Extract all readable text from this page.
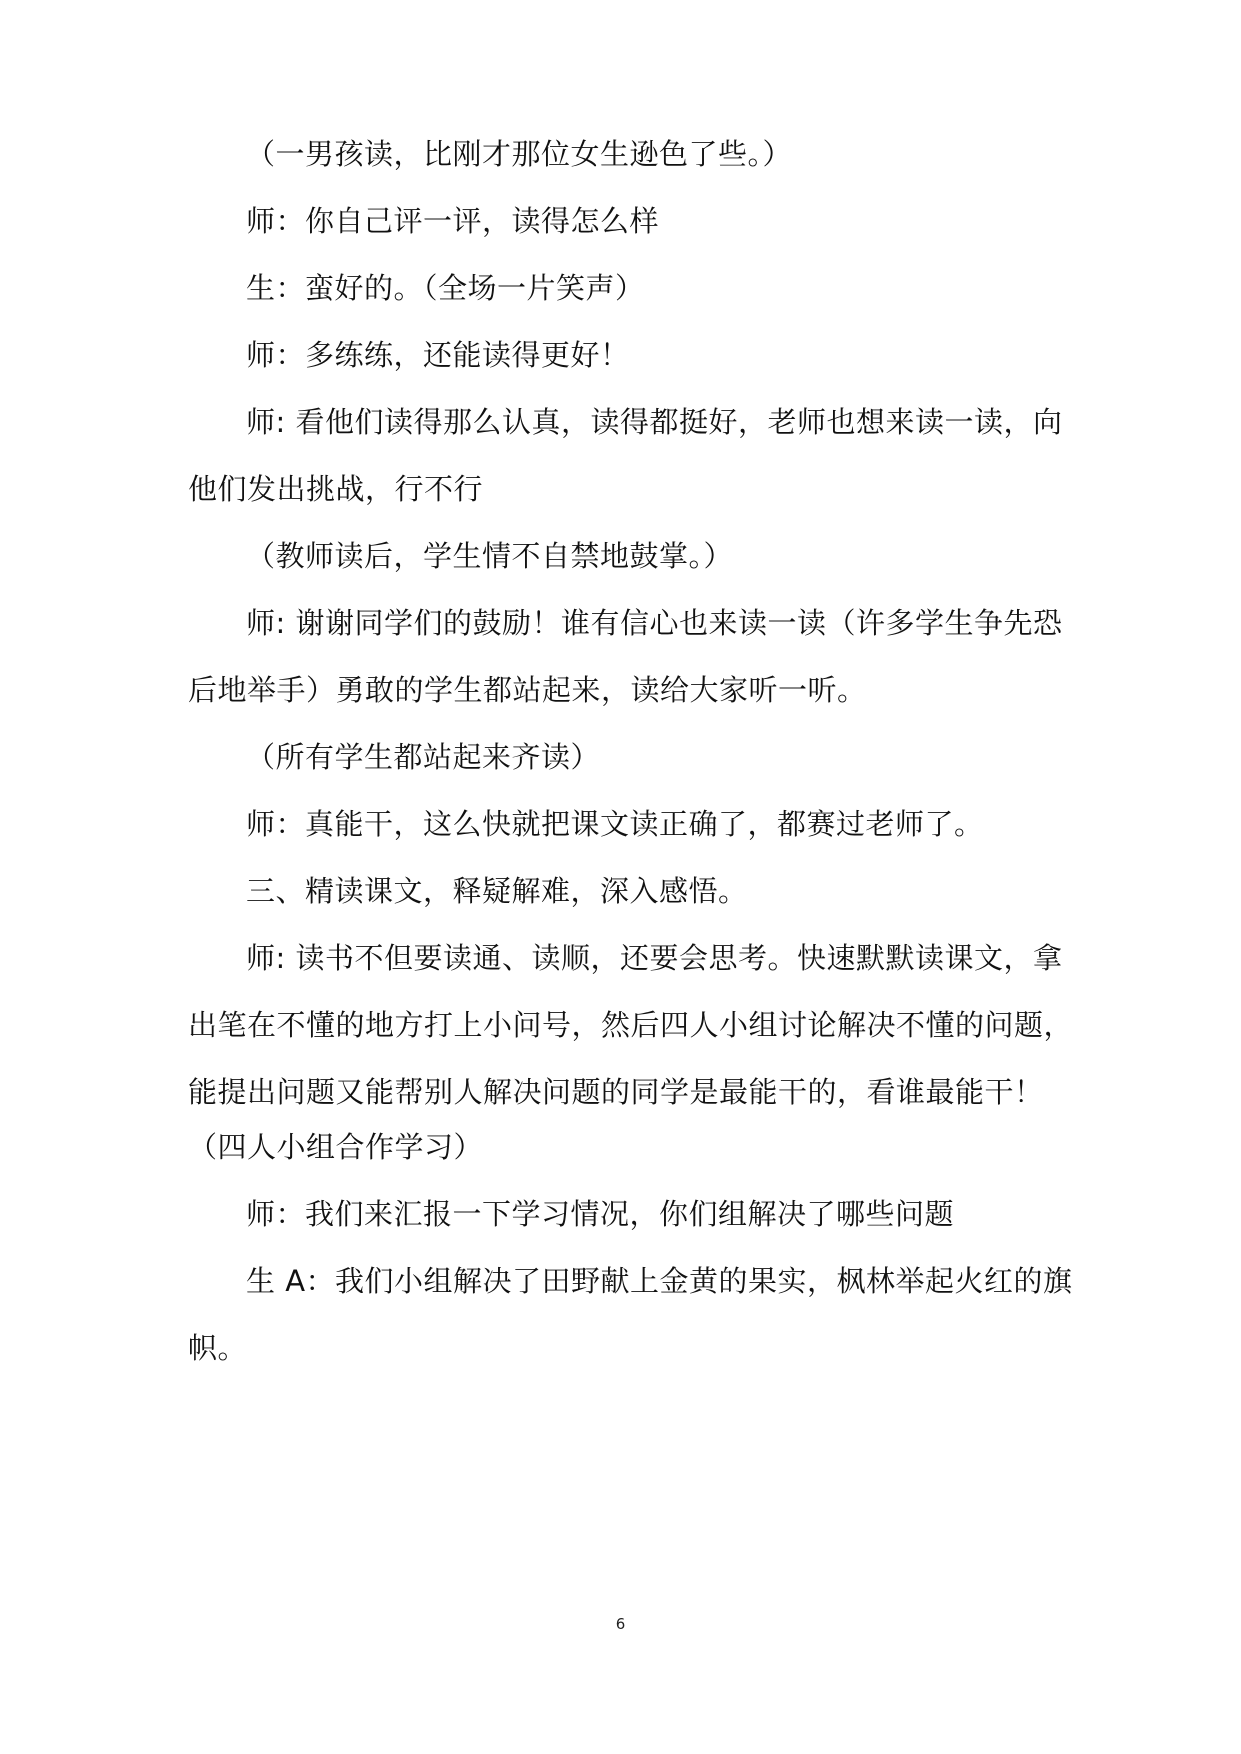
（一男孩读，比刚才那位女生逊色了些。）
师：你自己评一评，读得怎么样
生：蛮好的。（全场一片笑声）
师：多练练，还能读得更好！
师: 看他们读得那么认真，读得都挺好，老师也想来读一读，向
他们发出挑战，行不行
（教师读后，学生情不自禁地鼓掌。）
师: 谢谢同学们的鼓励！谁有信心也来读一读（许多学生争先恐
后地举手）勇敢的学生都站起来，读给大家听一听。
（所有学生都站起来齐读）
师：真能干，这么快就把课文读正确了，都赛过老师了。
三、精读课文，释疑解难，深入感悟。
师: 读书不但要读通、读顺，还要会思考。快速默默读课文，拿
出笔在不懂的地方打上小问号，然后四人小组讨论解决不懂的问题，
能提出问题又能帮别人解决问题的同学是最能干的，看谁最能干！
（四人小组合作学习）
师：我们来汇报一下学习情况，你们组解决了哪些问题
生 A：我们小组解决了田野献上金黄的果实，枫林举起火红的旗
帜。
6
